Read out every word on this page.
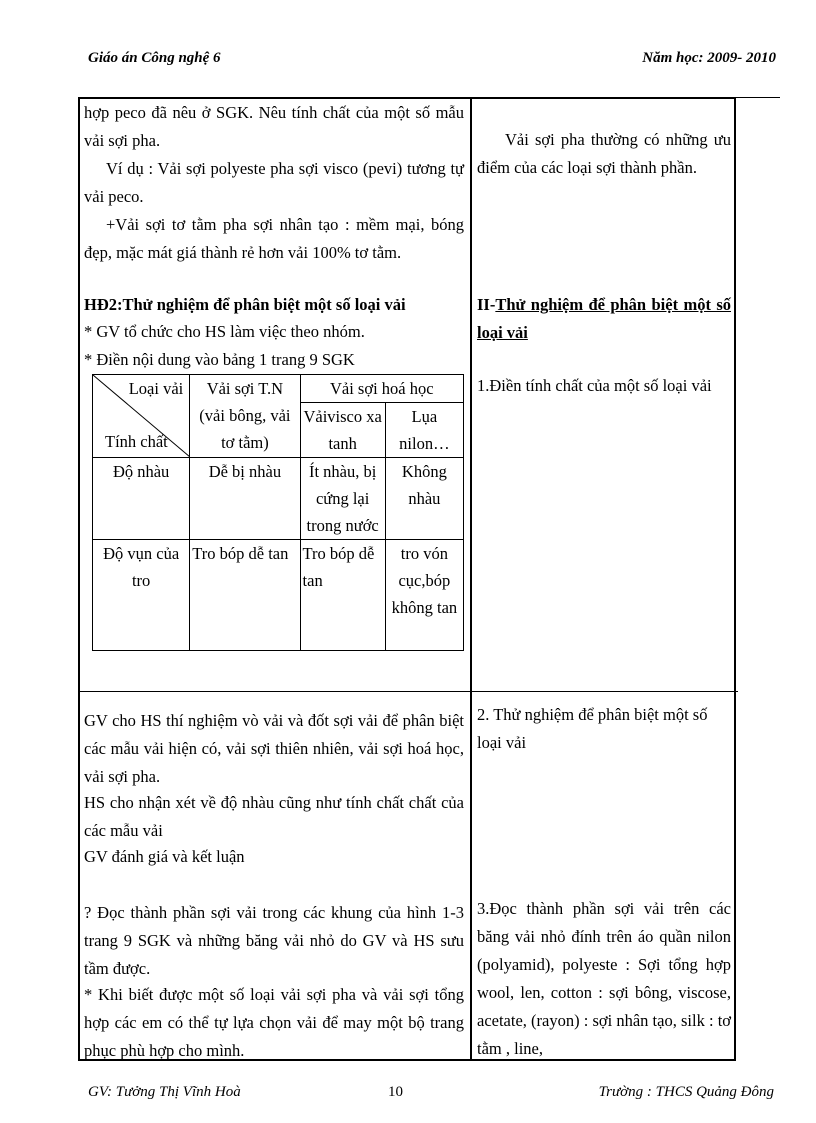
Giáo án Công nghệ 6	Năm học: 2009- 2010
hợp peco đã nêu ở SGK. Nêu tính chất của một số mẫu vải sợi pha.
Ví dụ : Vải sợi polyeste pha sợi visco (pevi) tương tự vải peco.
+Vải sợi tơ tằm pha sợi nhân tạo : mềm mại, bóng đẹp, mặc mát giá thành rẻ hơn vải 100% tơ tằm.
HĐ2:Thử nghiệm để phân biệt một số loại vải
* GV tổ chức cho HS làm việc theo nhóm.
* Điền nội dung vào bảng 1 trang 9 SGK
Loại vải
Tính chất	Vải sợi T.N (vải bông, vải tơ tằm)	Vải sợi hoá học	
		Vảivisco xa tanh	Lụa nilon…
Độ nhàu	Dễ bị nhàu	Ít nhàu, bị cứng lại trong nước	Không nhàu
Độ vụn của tro	Tro bóp dễ tan	Tro bóp dễ tan	tro vón cục,bóp không tan
GV cho HS thí nghiệm vò vải và đốt sợi vải để phân biệt các mẫu vải hiện có, vải sợi thiên nhiên, vải sợi hoá học, vải sợi pha.
HS cho nhận xét về độ nhàu cũng như tính chất chất của các mẫu vải
GV đánh giá và kết luận
? Đọc thành phần sợi vải trong các khung của hình 1-3 trang 9 SGK và những băng vải nhỏ do GV và HS sưu tầm được.
* Khi biết được một số loại vải sợi pha và vải sợi tổng hợp các em có thể tự lựa chọn vải để may một bộ trang phục phù hợp cho mình.
Vải sợi pha thường có những ưu điểm của các loại sợi thành phần.
II-Thử nghiệm để phân biệt một số loại vải
1.Điền tính chất của một số loại vải
2. Thử nghiệm để phân biệt một số loại vải
3.Đọc thành phần sợi vải trên các băng vải nhỏ đính trên áo quần nilon (polyamid), polyeste : Sợi tổng hợp wool, len, cotton : sợi bông, viscose, acetate, (rayon) : sợi nhân tạo, silk : tơ tằm , line,
GV: Tưởng Thị Vĩnh Hoà	10	Trường : THCS Quảng Đông
